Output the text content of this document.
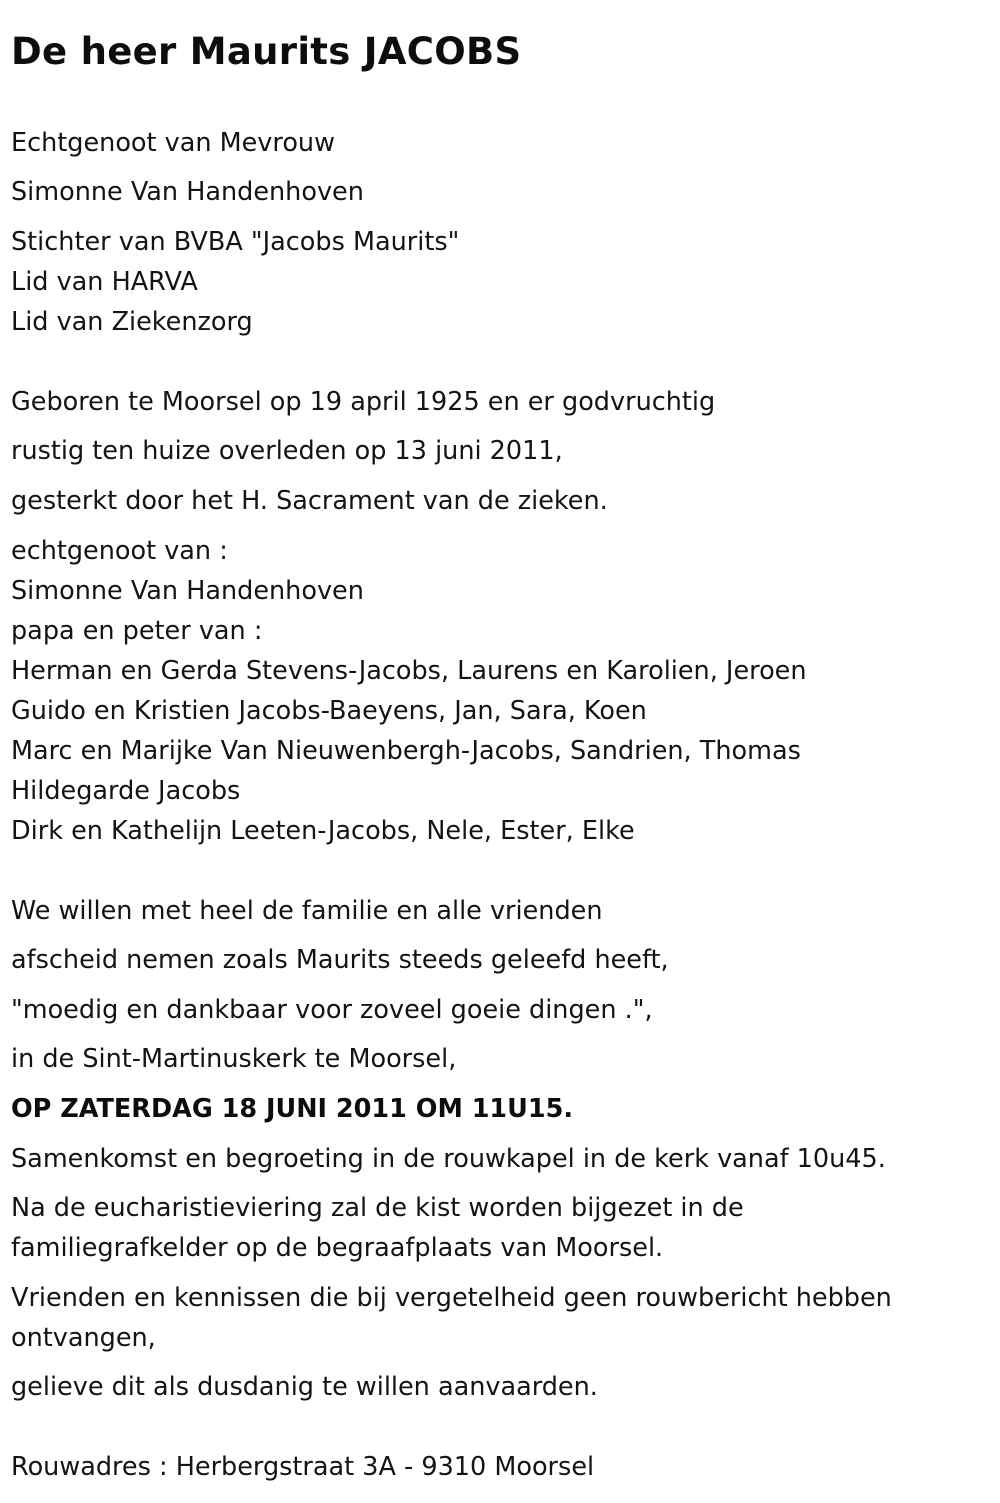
De heer Maurits JACOBS
Echtgenoot van Mevrouw
Simonne Van Handenhoven
Stichter van BVBA "Jacobs Maurits"
Lid van HARVA
Lid van Ziekenzorg
Geboren te Moorsel op 19 april 1925 en er godvruchtig
rustig ten huize overleden op 13 juni 2011,
gesterkt door het H. Sacrament van de zieken.
echtgenoot van :
Simonne Van Handenhoven
papa en peter van :
Herman en Gerda Stevens-Jacobs, Laurens en Karolien, Jeroen
Guido en Kristien Jacobs-Baeyens, Jan, Sara, Koen
Marc en Marijke Van Nieuwenbergh-Jacobs, Sandrien, Thomas
Hildegarde Jacobs
Dirk en Kathelijn Leeten-Jacobs, Nele, Ester, Elke
We willen met heel de familie en alle vrienden
afscheid nemen zoals Maurits steeds geleefd heeft,
"moedig en dankbaar voor zoveel goeie dingen .",
in de Sint-Martinuskerk te Moorsel,
OP ZATERDAG 18 JUNI 2011 OM 11U15.
Samenkomst en begroeting in de rouwkapel in de kerk vanaf 10u45.
Na de eucharistieviering zal de kist worden bijgezet in de
familiegrafkelder op de begraafplaats van Moorsel.
Vrienden en kennissen die bij vergetelheid geen rouwbericht hebben
ontvangen,
gelieve dit als dusdanig te willen aanvaarden.
Rouwadres : Herbergstraat 3A - 9310 Moorsel
